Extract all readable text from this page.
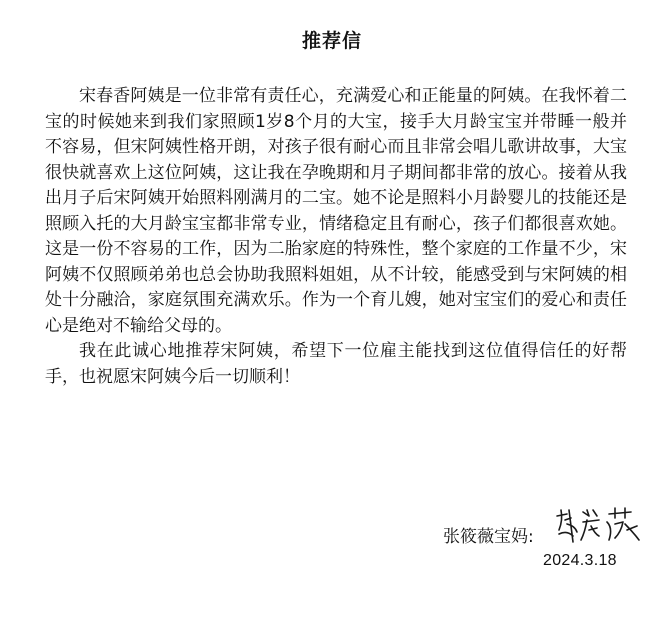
推荐信

宋春香阿姨是一位非常有责任心，充满爱心和正能量的阿姨。在我怀着二宝的时候她来到我们家照顾1岁8个月的大宝，接手大月龄宝宝并带睡一般并不容易，但宋阿姨性格开朗，对孩子很有耐心而且非常会唱儿歌讲故事，大宝很快就喜欢上这位阿姨，这让我在孕晚期和月子期间都非常的放心。接着从我出月子后宋阿姨开始照料刚满月的二宝。她不论是照料小月龄婴儿的技能还是照顾入托的大月龄宝宝都非常专业，情绪稳定且有耐心，孩子们都很喜欢她。这是一份不容易的工作，因为二胎家庭的特殊性，整个家庭的工作量不少，宋阿姨不仅照顾弟弟也总会协助我照料姐姐，从不计较，能感受到与宋阿姨的相处十分融洽，家庭氛围充满欢乐。作为一个育儿嫂，她对宝宝们的爱心和责任心是绝对不输给父母的。

我在此诚心地推荐宋阿姨，希望下一位雇主能找到这位值得信任的好帮手，也祝愿宋阿姨今后一切顺利！

张筱薇宝妈:
2024.3.18
